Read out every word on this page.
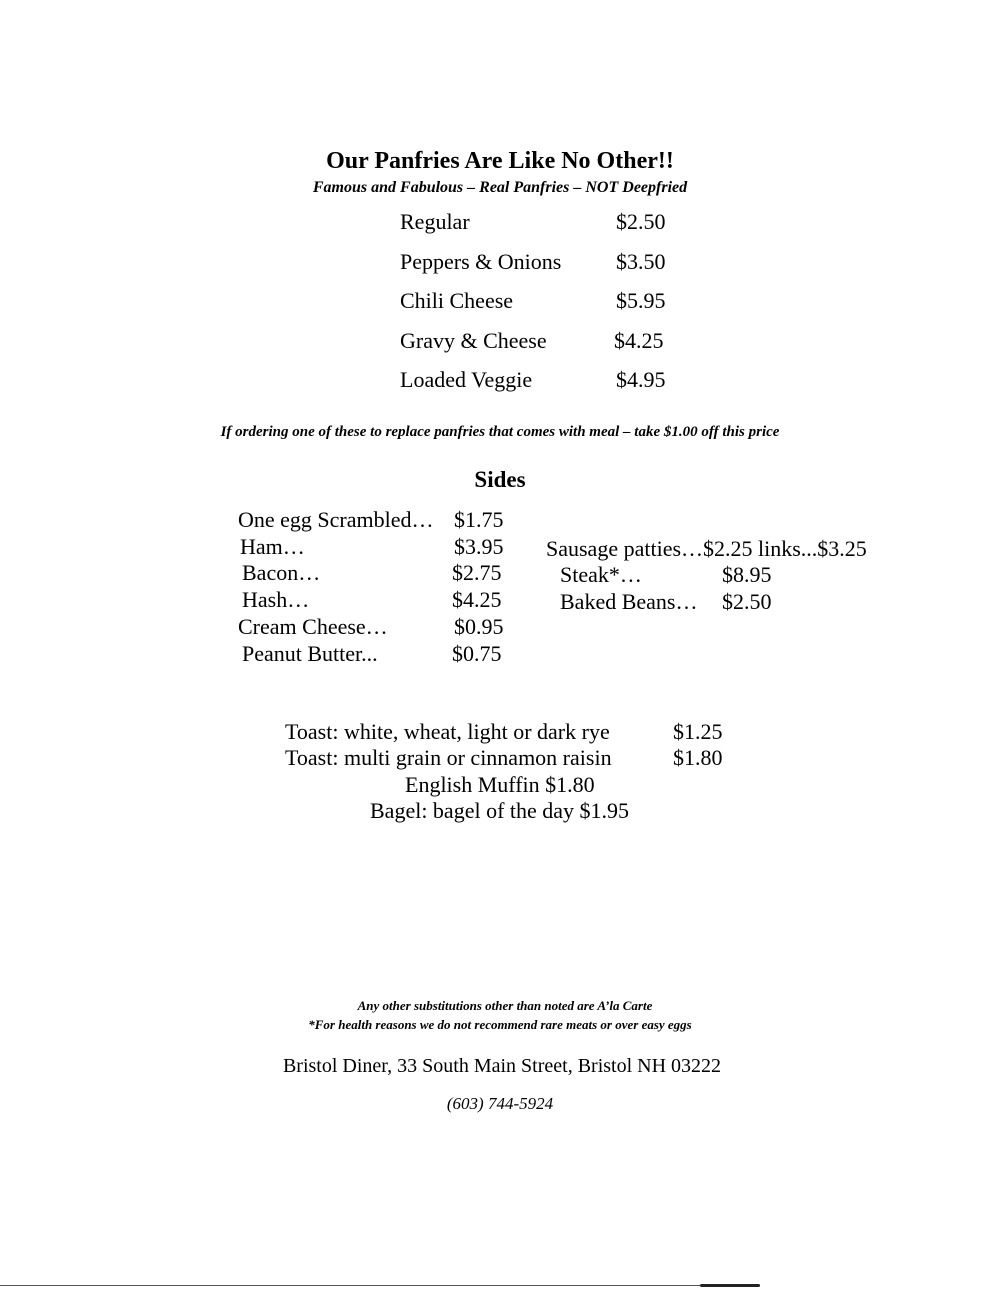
Our Panfries Are Like No Other!!
Famous and Fabulous – Real Panfries – NOT Deepfried
Regular	$2.50
Peppers & Onions $3.50
Chili Cheese	$5.95
Gravy & Cheese	$4.25
Loaded Veggie	$4.95
If ordering one of these to replace panfries that comes with meal – take $1.00 off this price
Sides
One egg Scrambled… $1.75
Ham…	$3.95
Bacon…	$2.75
Hash…	$4.25
Cream Cheese…	$0.95
Peanut Butter...	$0.75
Sausage patties…$2.25 links...$3.25
Steak*…	$8.95
Baked Beans… $2.50
Toast: white, wheat, light or dark rye	$1.25
Toast: multi grain or cinnamon raisin	$1.80
English Muffin $1.80
Bagel: bagel of the day $1.95
Any other substitutions other than noted are A’la Carte
*For health reasons we do not recommend rare meats or over easy eggs
Bristol Diner, 33 South Main Street, Bristol NH 03222
(603) 744-5924
